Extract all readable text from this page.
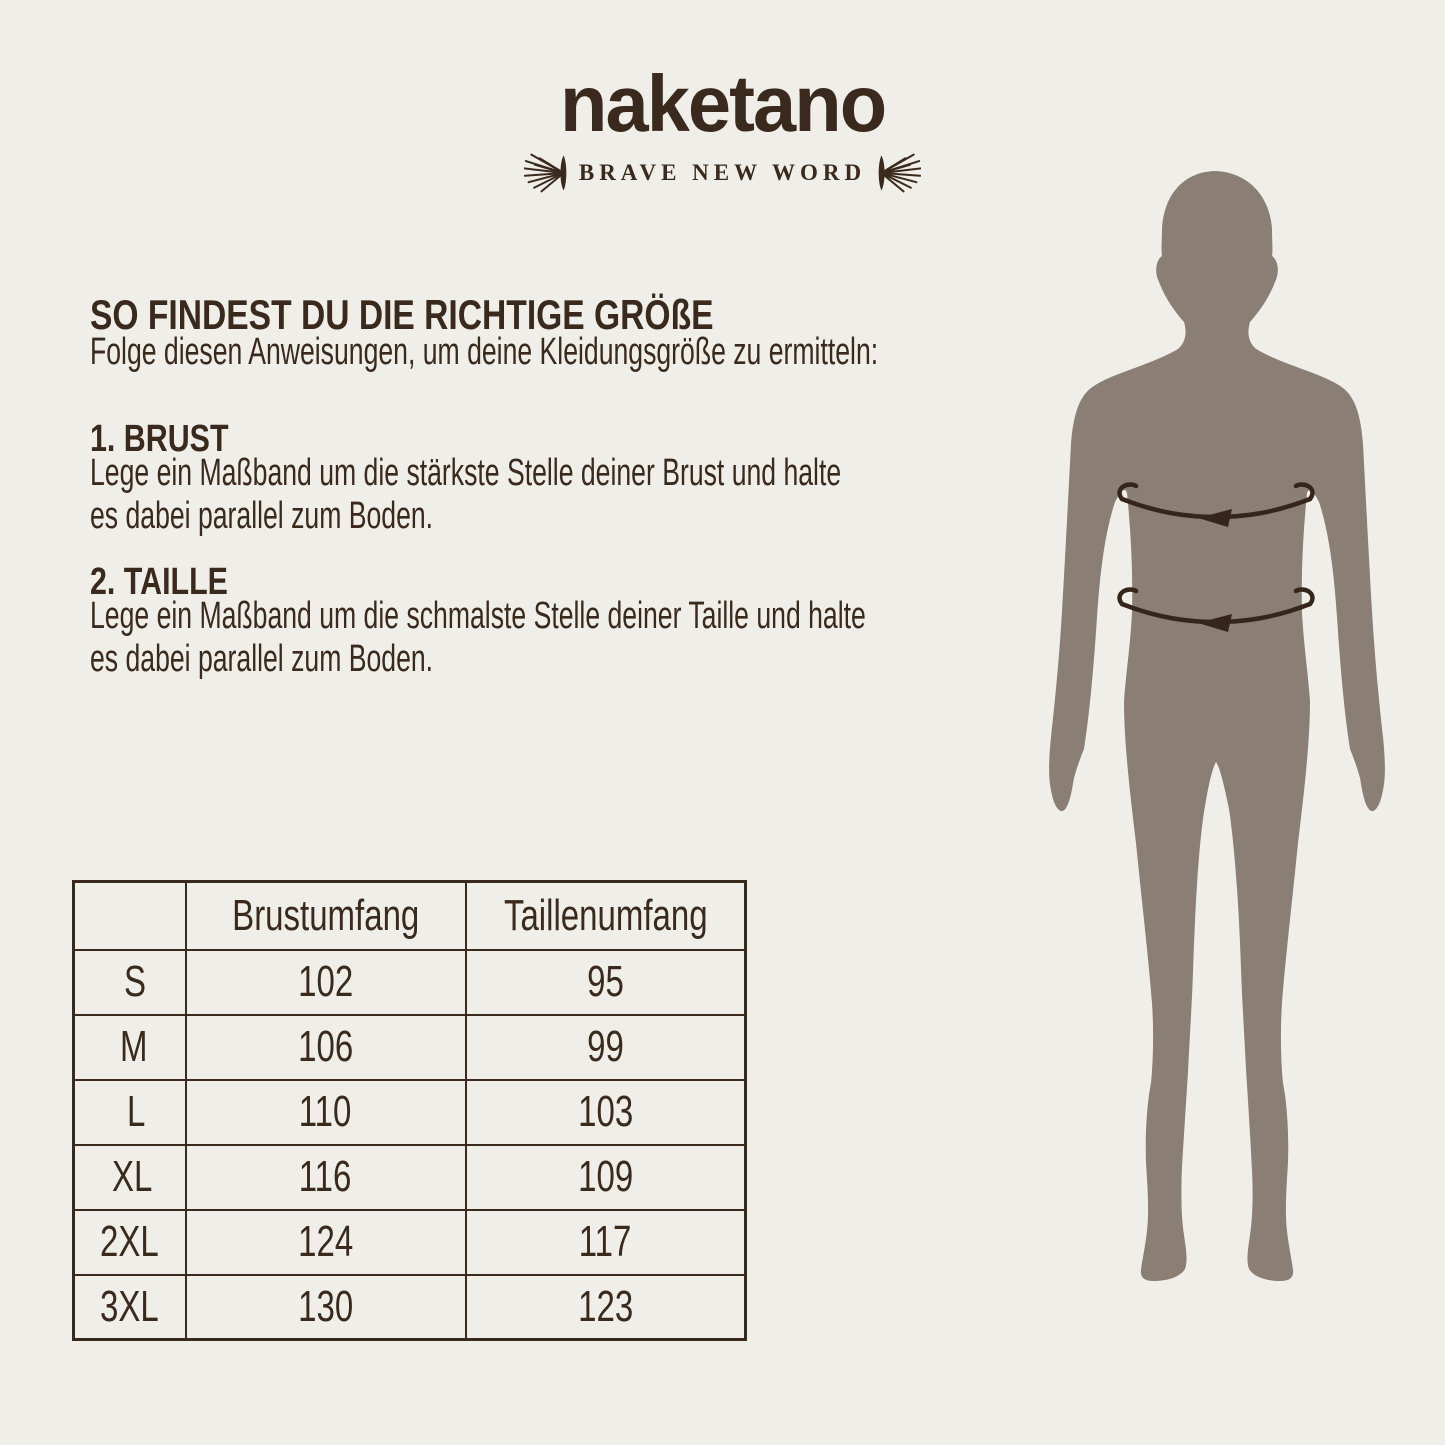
naketano
BRAVE NEW WORD
SO FINDEST DU DIE RICHTIGE GRÖßE
Folge diesen Anweisungen, um deine Kleidungsgröße zu ermitteln:
1. BRUST
Lege ein Maßband um die stärkste Stelle deiner Brust und halte
es dabei parallel zum Boden.
2. TAILLE
Lege ein Maßband um die schmalste Stelle deiner Taille und halte
es dabei parallel zum Boden.
	Brustumfang	Taillenumfang
S	102	95
M	106	99
L	110	103
XL	116	109
2XL	124	117
3XL	130	123
